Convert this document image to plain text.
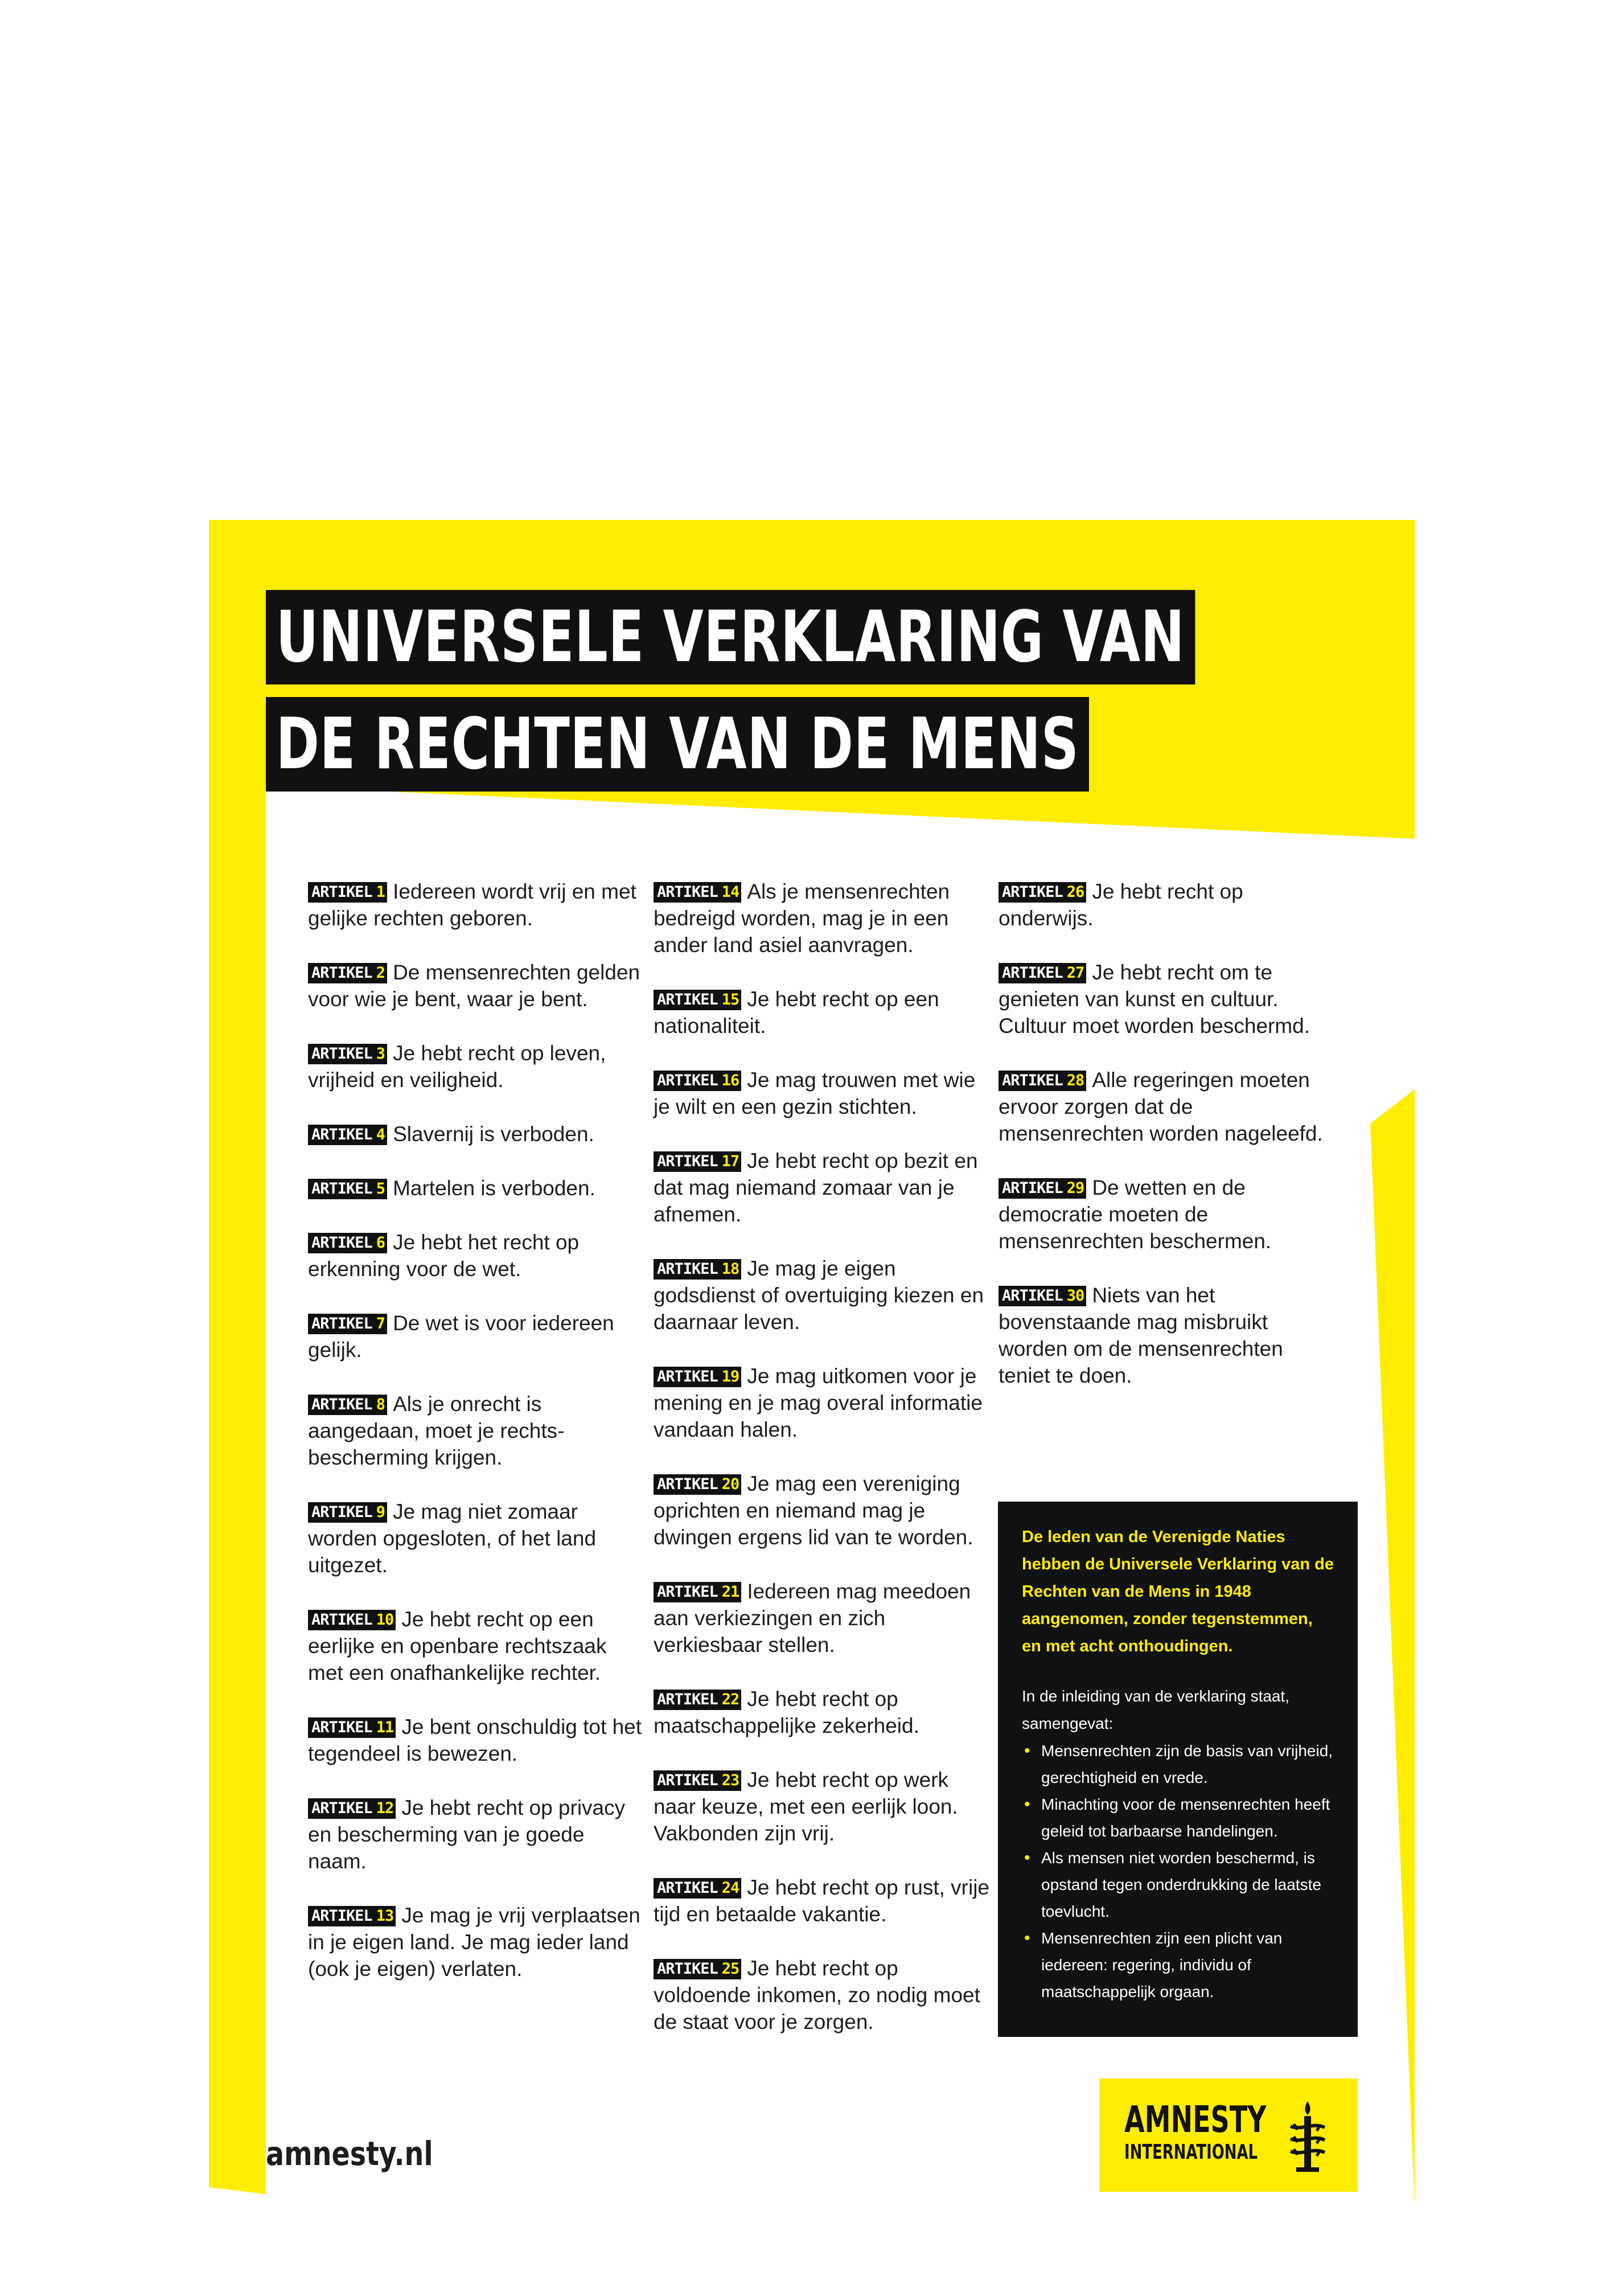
UNIVERSELE VERKLARING VAN
DE RECHTEN VAN DE MENS

ARTIKEL 1 Iedereen wordt vrij en met gelijke rechten geboren.

ARTIKEL 2 De mensenrechten gelden voor wie je bent, waar je bent.

ARTIKEL 3 Je hebt recht op leven, vrijheid en veiligheid.

ARTIKEL 4 Slavernij is verboden.

ARTIKEL 5 Martelen is verboden.

ARTIKEL 6 Je hebt het recht op erkenning voor de wet.

ARTIKEL 7 De wet is voor iedereen gelijk.

ARTIKEL 8 Als je onrecht is aangedaan, moet je rechts-bescherming krijgen.

ARTIKEL 9 Je mag niet zomaar worden opgesloten, of het land uitgezet.

ARTIKEL 10 Je hebt recht op een eerlijke en openbare rechtszaak met een onafhankelijke rechter.

ARTIKEL 11 Je bent onschuldig tot het tegendeel is bewezen.

ARTIKEL 12 Je hebt recht op privacy en bescherming van je goede naam.

ARTIKEL 13 Je mag je vrij verplaatsen in je eigen land. Je mag ieder land (ook je eigen) verlaten.

ARTIKEL 14 Als je mensenrechten bedreigd worden, mag je in een ander land asiel aanvragen.

ARTIKEL 15 Je hebt recht op een nationaliteit.

ARTIKEL 16 Je mag trouwen met wie je wilt en een gezin stichten.

ARTIKEL 17 Je hebt recht op bezit en dat mag niemand zomaar van je afnemen.

ARTIKEL 18 Je mag je eigen godsdienst of overtuiging kiezen en daarnaar leven.

ARTIKEL 19 Je mag uitkomen voor je mening en je mag overal informatie vandaan halen.

ARTIKEL 20 Je mag een vereniging oprichten en niemand mag je dwingen ergens lid van te worden.

ARTIKEL 21 Iedereen mag meedoen aan verkiezingen en zich verkiesbaar stellen.

ARTIKEL 22 Je hebt recht op maatschappelijke zekerheid.

ARTIKEL 23 Je hebt recht op werk naar keuze, met een eerlijk loon. Vakbonden zijn vrij.

ARTIKEL 24 Je hebt recht op rust, vrije tijd en betaalde vakantie.

ARTIKEL 25 Je hebt recht op voldoende inkomen, zo nodig moet de staat voor je zorgen.

ARTIKEL 26 Je hebt recht op onderwijs.

ARTIKEL 27 Je hebt recht om te genieten van kunst en cultuur. Cultuur moet worden beschermd.

ARTIKEL 28 Alle regeringen moeten ervoor zorgen dat de mensenrechten worden nageleefd.

ARTIKEL 29 De wetten en de democratie moeten de mensenrechten beschermen.

ARTIKEL 30 Niets van het bovenstaande mag misbruikt worden om de mensenrechten teniet te doen.

De leden van de Verenigde Naties hebben de Universele Verklaring van de Rechten van de Mens in 1948 aangenomen, zonder tegenstemmen, en met acht onthoudingen.

In de inleiding van de verklaring staat, samengevat:

• Mensenrechten zijn de basis van vrijheid, gerechtigheid en vrede.
• Minachting voor de mensenrechten heeft geleid tot barbaarse handelingen.
• Als mensen niet worden beschermd, is opstand tegen onderdrukking de laatste toevlucht.
• Mensenrechten zijn een plicht van iedereen: regering, individu of maatschappelijk orgaan.
amnesty.nl
AMNESTY
INTERNATIONAL
